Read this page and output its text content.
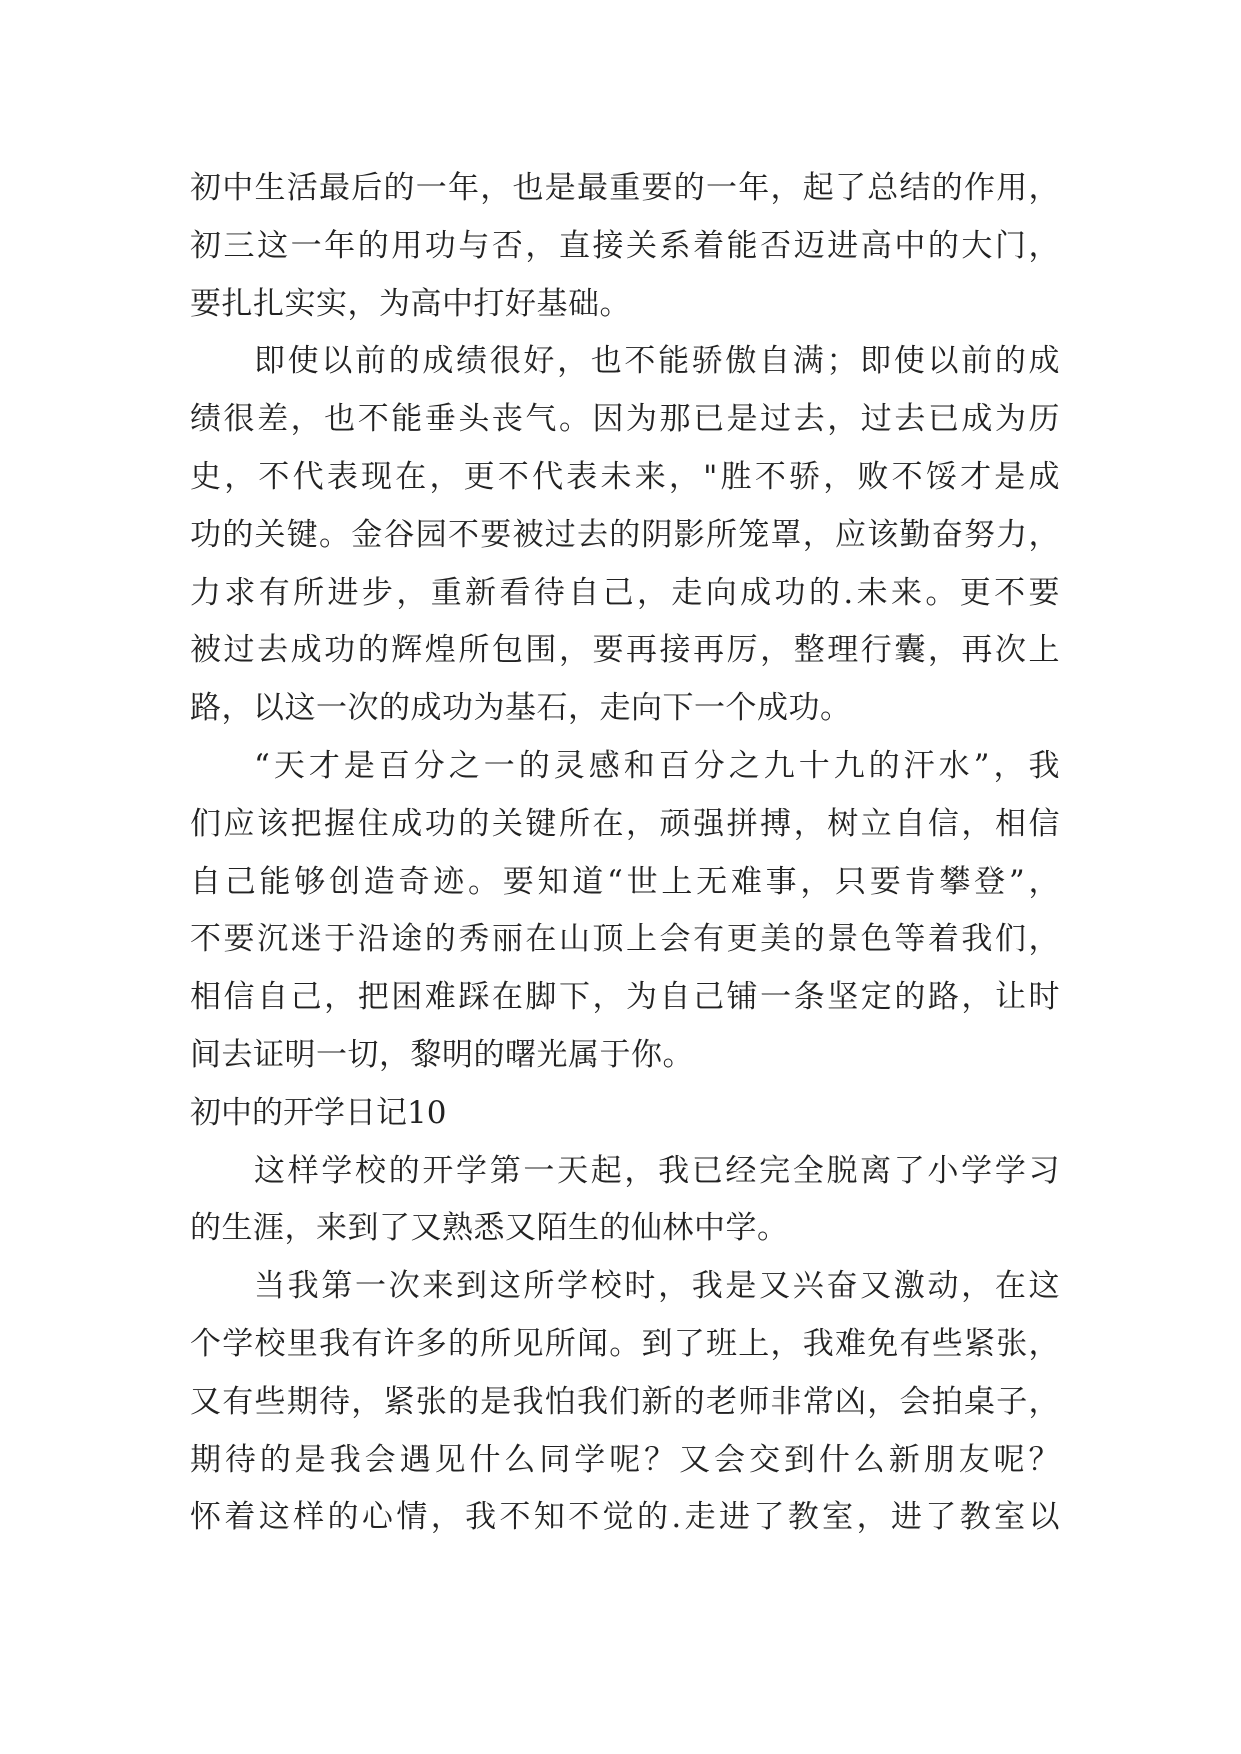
初中生活最后的一年，也是最重要的一年，起了总结的作用，
初三这一年的用功与否，直接关系着能否迈进高中的大门，
要扎扎实实，为高中打好基础。
即使以前的成绩很好，也不能骄傲自满；即使以前的成
绩很差，也不能垂头丧气。因为那已是过去，过去已成为历
史，不代表现在，更不代表未来，"胜不骄，败不馁才是成
功的关键。金谷园不要被过去的阴影所笼罩，应该勤奋努力，
力求有所进步，重新看待自己，走向成功的.未来。更不要
被过去成功的辉煌所包围，要再接再厉，整理行囊，再次上
路，以这一次的成功为基石，走向下一个成功。
“天才是百分之一的灵感和百分之九十九的汗水”，我
们应该把握住成功的关键所在，顽强拼搏，树立自信，相信
自己能够创造奇迹。要知道“世上无难事，只要肯攀登”，
不要沉迷于沿途的秀丽在山顶上会有更美的景色等着我们，
相信自己，把困难踩在脚下，为自己铺一条坚定的路，让时
间去证明一切，黎明的曙光属于你。
初中的开学日记10
这样学校的开学第一天起，我已经完全脱离了小学学习
的生涯，来到了又熟悉又陌生的仙林中学。
当我第一次来到这所学校时，我是又兴奋又激动，在这
个学校里我有许多的所见所闻。到了班上，我难免有些紧张，
又有些期待，紧张的是我怕我们新的老师非常凶，会拍桌子，
期待的是我会遇见什么同学呢？又会交到什么新朋友呢？
怀着这样的心情，我不知不觉的.走进了教室，进了教室以
